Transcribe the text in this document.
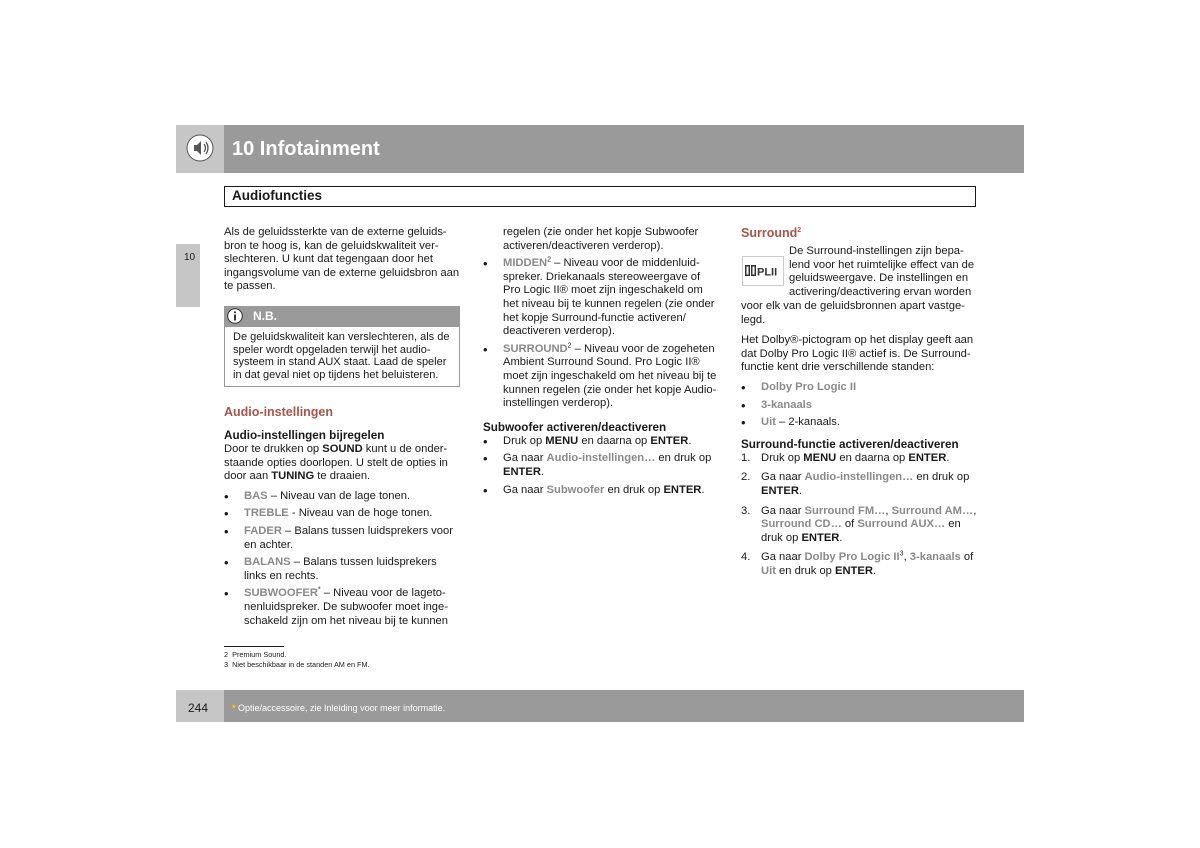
10 Infotainment
Audiofuncties
10

Als de geluidssterkte van de externe geluids-bron te hoog is, kan de geluidskwaliteit ver-slechteren. U kunt dat tegengaan door het ingangsvolume van de externe geluidsbron aan te passen.

N.B.
De geluidskwaliteit kan verslechteren, als de speler wordt opgeladen terwijl het audio-systeem in stand AUX staat. Laad de speler in dat geval niet op tijdens het beluisteren.
Audio-instellingen
Audio-instellingen bijregelen

Door te drukken op SOUND kunt u de onder-staande opties doorlopen. U stelt de opties in door aan TUNING te draaien.

• BAS – Niveau van de lage tonen.
• TREBLE - Niveau van de hoge tonen.
• FADER – Balans tussen luidsprekers voor en achter.
• BALANS – Balans tussen luidsprekers links en rechts.
• SUBWOOFER* – Niveau voor de lageto-nenluidspreker. De subwoofer moet inge-schakeld zijn om het niveau bij te kunnen

regelen (zie onder het kopje Subwoofer activeren/deactiveren verderop).

• MIDDEN$^2$ – Niveau voor de middenluid-spreker. Driekanaals stereoweergave of Pro Logic II® moet zijn ingeschakeld om het niveau bij te kunnen regelen (zie onder het kopje Surround-functie activeren/ deactiveren verderop).
• SURROUND$^2$ – Niveau voor de zogeheten Ambient Surround Sound. Pro Logic II® moet zijn ingeschakeld om het niveau bij te kunnen regelen (zie onder het kopje Audio-instellingen verderop).
Subwoofer activeren/deactiveren
• Druk op MENU en daarna op ENTER.
• Ga naar Audio-instellingen… en druk op ENTER.
• Ga naar Subwoofer en druk op ENTER.
Surround$^2$
PLII
De Surround-instellingen zijn bepa-lend voor het ruimtelijke effect van de geluidsweergave. De instellingen en activering/deactivering ervan worden

voor elk van de geluidsbronnen apart vastge-legd.

Het Dolby®-pictogram op het display geeft aan dat Dolby Pro Logic II® actief is. De Surround-functie kent drie verschillende standen:

• Dolby Pro Logic II
• 3-kanaals
• Uit – 2-kanaals.
Surround-functie activeren/deactiveren
1. Druk op MENU en daarna op ENTER.
2. Ga naar Audio-instellingen… en druk op ENTER.
3. Ga naar Surround FM…, Surround AM…, Surround CD… of Surround AUX… en druk op ENTER.
4. Ga naar Dolby Pro Logic $II^3$, 3-kanaals of Uit en druk op ENTER.
2 Premium Sound.
3 Niet beschikbaar in de standen AM en FM.
244	* Optie/accessoire, zie Inleiding voor meer informatie.
